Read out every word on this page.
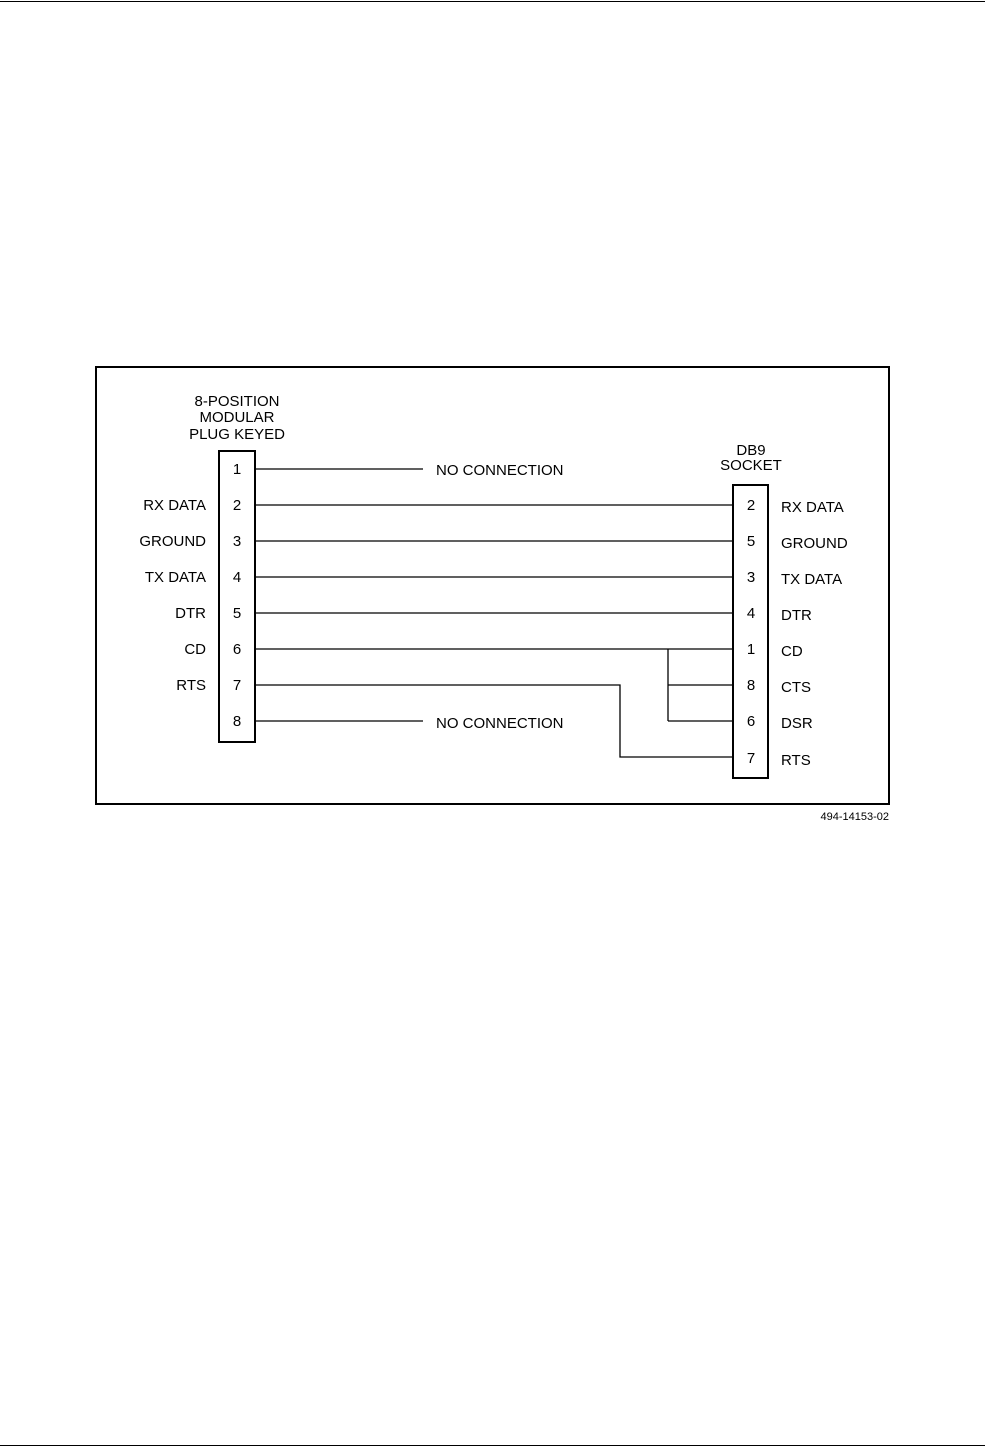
8-POSITION
MODULAR
PLUG KEYED
DB9
SOCKET
1
2
3
4
5
6
7
8
RX DATA
GROUND
TX DATA
DTR
CD
RTS
NO CONNECTION
NO CONNECTION
2
5
3
4
1
8
6
7
RX DATA
GROUND
TX DATA
DTR
CD
CTS
DSR
RTS
494-14153-02
